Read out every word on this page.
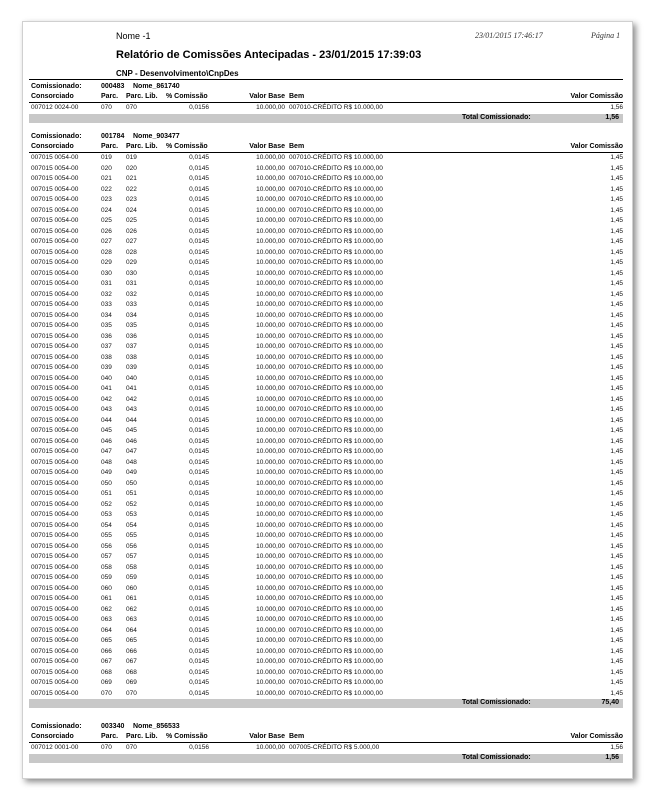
Nome -1	23/01/2015 17:46:17	Página 1
Relatório de Comissões Antecipadas - 23/01/2015 17:39:03
CNP - Desenvolvimento\CnpDes
Comissionado:	000483 Nome_861740
Consorciado	Parc. Parc. Lib. % Comissão	Valor Base Bem	Valor Comissão
007012 0024-00	070 070	0,0156	10.000,00 007010-CRÉDITO R$ 10.000,00	1,56
Total Comissionado:	1,56
Comissionado:	001784 Nome_903477
Consorciado	Parc. Parc. Lib. % Comissão	Valor Base Bem	Valor Comissão
007015 0054-00	019 019	0,0145	10.000,00 007010-CRÉDITO R$ 10.000,00	1,45
007015 0054-00	020 020	0,0145	10.000,00 007010-CRÉDITO R$ 10.000,00	1,45
007015 0054-00	021 021	0,0145	10.000,00 007010-CRÉDITO R$ 10.000,00	1,45
007015 0054-00	022 022	0,0145	10.000,00 007010-CRÉDITO R$ 10.000,00	1,45
007015 0054-00	023 023	0,0145	10.000,00 007010-CRÉDITO R$ 10.000,00	1,45
007015 0054-00	024 024	0,0145	10.000,00 007010-CRÉDITO R$ 10.000,00	1,45
007015 0054-00	025 025	0,0145	10.000,00 007010-CRÉDITO R$ 10.000,00	1,45
007015 0054-00	026 026	0,0145	10.000,00 007010-CRÉDITO R$ 10.000,00	1,45
007015 0054-00	027 027	0,0145	10.000,00 007010-CRÉDITO R$ 10.000,00	1,45
007015 0054-00	028 028	0,0145	10.000,00 007010-CRÉDITO R$ 10.000,00	1,45
007015 0054-00	029 029	0,0145	10.000,00 007010-CRÉDITO R$ 10.000,00	1,45
007015 0054-00	030 030	0,0145	10.000,00 007010-CRÉDITO R$ 10.000,00	1,45
007015 0054-00	031 031	0,0145	10.000,00 007010-CRÉDITO R$ 10.000,00	1,45
007015 0054-00	032 032	0,0145	10.000,00 007010-CRÉDITO R$ 10.000,00	1,45
007015 0054-00	033 033	0,0145	10.000,00 007010-CRÉDITO R$ 10.000,00	1,45
007015 0054-00	034 034	0,0145	10.000,00 007010-CRÉDITO R$ 10.000,00	1,45
007015 0054-00	035 035	0,0145	10.000,00 007010-CRÉDITO R$ 10.000,00	1,45
007015 0054-00	036 036	0,0145	10.000,00 007010-CRÉDITO R$ 10.000,00	1,45
007015 0054-00	037 037	0,0145	10.000,00 007010-CRÉDITO R$ 10.000,00	1,45
007015 0054-00	038 038	0,0145	10.000,00 007010-CRÉDITO R$ 10.000,00	1,45
007015 0054-00	039 039	0,0145	10.000,00 007010-CRÉDITO R$ 10.000,00	1,45
007015 0054-00	040 040	0,0145	10.000,00 007010-CRÉDITO R$ 10.000,00	1,45
007015 0054-00	041 041	0,0145	10.000,00 007010-CRÉDITO R$ 10.000,00	1,45
007015 0054-00	042 042	0,0145	10.000,00 007010-CRÉDITO R$ 10.000,00	1,45
007015 0054-00	043 043	0,0145	10.000,00 007010-CRÉDITO R$ 10.000,00	1,45
007015 0054-00	044 044	0,0145	10.000,00 007010-CRÉDITO R$ 10.000,00	1,45
007015 0054-00	045 045	0,0145	10.000,00 007010-CRÉDITO R$ 10.000,00	1,45
007015 0054-00	046 046	0,0145	10.000,00 007010-CRÉDITO R$ 10.000,00	1,45
007015 0054-00	047 047	0,0145	10.000,00 007010-CRÉDITO R$ 10.000,00	1,45
007015 0054-00	048 048	0,0145	10.000,00 007010-CRÉDITO R$ 10.000,00	1,45
007015 0054-00	049 049	0,0145	10.000,00 007010-CRÉDITO R$ 10.000,00	1,45
007015 0054-00	050 050	0,0145	10.000,00 007010-CRÉDITO R$ 10.000,00	1,45
007015 0054-00	051 051	0,0145	10.000,00 007010-CRÉDITO R$ 10.000,00	1,45
007015 0054-00	052 052	0,0145	10.000,00 007010-CRÉDITO R$ 10.000,00	1,45
007015 0054-00	053 053	0,0145	10.000,00 007010-CRÉDITO R$ 10.000,00	1,45
007015 0054-00	054 054	0,0145	10.000,00 007010-CRÉDITO R$ 10.000,00	1,45
007015 0054-00	055 055	0,0145	10.000,00 007010-CRÉDITO R$ 10.000,00	1,45
007015 0054-00	056 056	0,0145	10.000,00 007010-CRÉDITO R$ 10.000,00	1,45
007015 0054-00	057 057	0,0145	10.000,00 007010-CRÉDITO R$ 10.000,00	1,45
007015 0054-00	058 058	0,0145	10.000,00 007010-CRÉDITO R$ 10.000,00	1,45
007015 0054-00	059 059	0,0145	10.000,00 007010-CRÉDITO R$ 10.000,00	1,45
007015 0054-00	060 060	0,0145	10.000,00 007010-CRÉDITO R$ 10.000,00	1,45
007015 0054-00	061 061	0,0145	10.000,00 007010-CRÉDITO R$ 10.000,00	1,45
007015 0054-00	062 062	0,0145	10.000,00 007010-CRÉDITO R$ 10.000,00	1,45
007015 0054-00	063 063	0,0145	10.000,00 007010-CRÉDITO R$ 10.000,00	1,45
007015 0054-00	064 064	0,0145	10.000,00 007010-CRÉDITO R$ 10.000,00	1,45
007015 0054-00	065 065	0,0145	10.000,00 007010-CRÉDITO R$ 10.000,00	1,45
007015 0054-00	066 066	0,0145	10.000,00 007010-CRÉDITO R$ 10.000,00	1,45
007015 0054-00	067 067	0,0145	10.000,00 007010-CRÉDITO R$ 10.000,00	1,45
007015 0054-00	068 068	0,0145	10.000,00 007010-CRÉDITO R$ 10.000,00	1,45
007015 0054-00	069 069	0,0145	10.000,00 007010-CRÉDITO R$ 10.000,00	1,45
007015 0054-00	070 070	0,0145	10.000,00 007010-CRÉDITO R$ 10.000,00	1,45
Total Comissionado:	75,40
Comissionado:	003340 Nome_856533
Consorciado	Parc. Parc. Lib. % Comissão	Valor Base Bem	Valor Comissão
007012 0001-00	070 070	0,0156	10.000,00 007005-CRÉDITO R$ 5.000,00	1,56
Total Comissionado:	1,56
